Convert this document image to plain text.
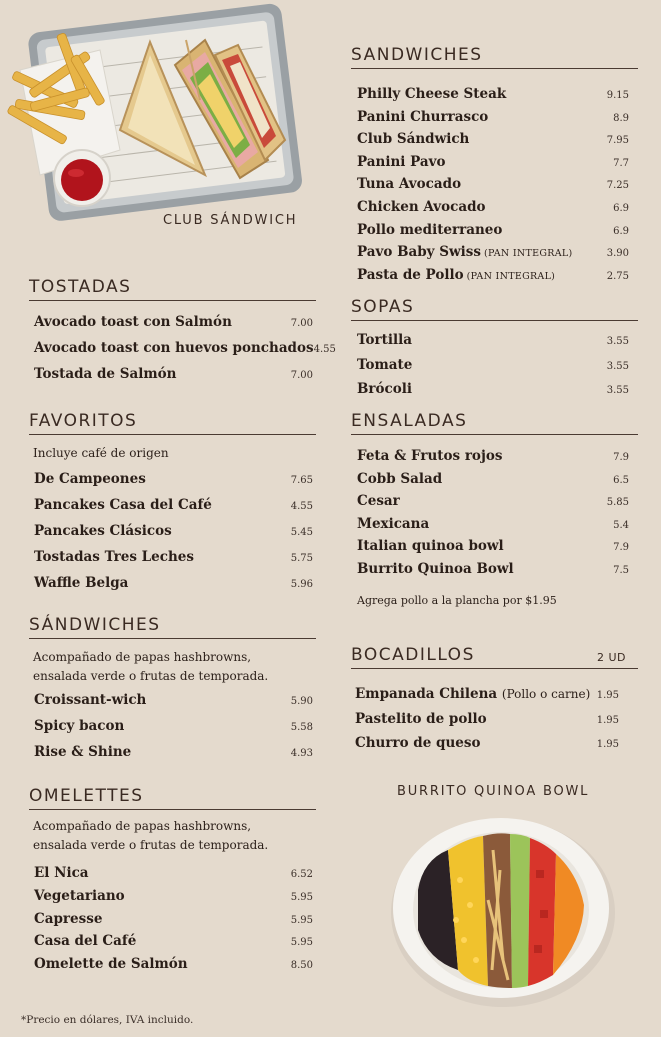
CLUB SÁNDWICH
SANDWICHES
Philly Cheese Steak	9.15
Panini Churrasco	8.9
Club Sándwich	7.95
Panini Pavo	7.7
Tuna Avocado	7.25
Chicken Avocado	6.9
Pollo mediterraneo	6.9
Pavo Baby Swiss (PAN INTEGRAL)	3.90
Pasta de Pollo (PAN INTEGRAL)	2.75
SOPAS
Tortilla	3.55
Tomate	3.55
Brócoli	3.55
ENSALADAS
Feta & Frutos rojos	7.9
Cobb Salad	6.5
Cesar	5.85
Mexicana	5.4
Italian quinoa bowl	7.9
Burrito Quinoa Bowl	7.5
Agrega pollo a la plancha por $1.95
BOCADILLOS	2 UD
Empanada Chilena (Pollo o carne) 1.95
Pastelito de pollo	1.95
Churro de queso	1.95
BURRITO QUINOA BOWL
TOSTADAS
Avocado toast con Salmón	7.00
Avocado toast con huevos ponchados 4.55
Tostada de Salmón	7.00
FAVORITOS
Incluye café de origen
De Campeones	7.65
Pancakes Casa del Café	4.55
Pancakes Clásicos	5.45
Tostadas Tres Leches	5.75
Waffle Belga	5.96
SÁNDWICHES
Acompañado de papas hashbrowns,
ensalada verde o frutas de temporada.
Croissant-wich	5.90
Spicy bacon	5.58
Rise & Shine	4.93
OMELETTES
Acompañado de papas hashbrowns,
ensalada verde o frutas de temporada.
El Nica	6.52
Vegetariano	5.95
Capresse	5.95
Casa del Café	5.95
Omelette de Salmón	8.50
*Precio en dólares, IVA incluido.
